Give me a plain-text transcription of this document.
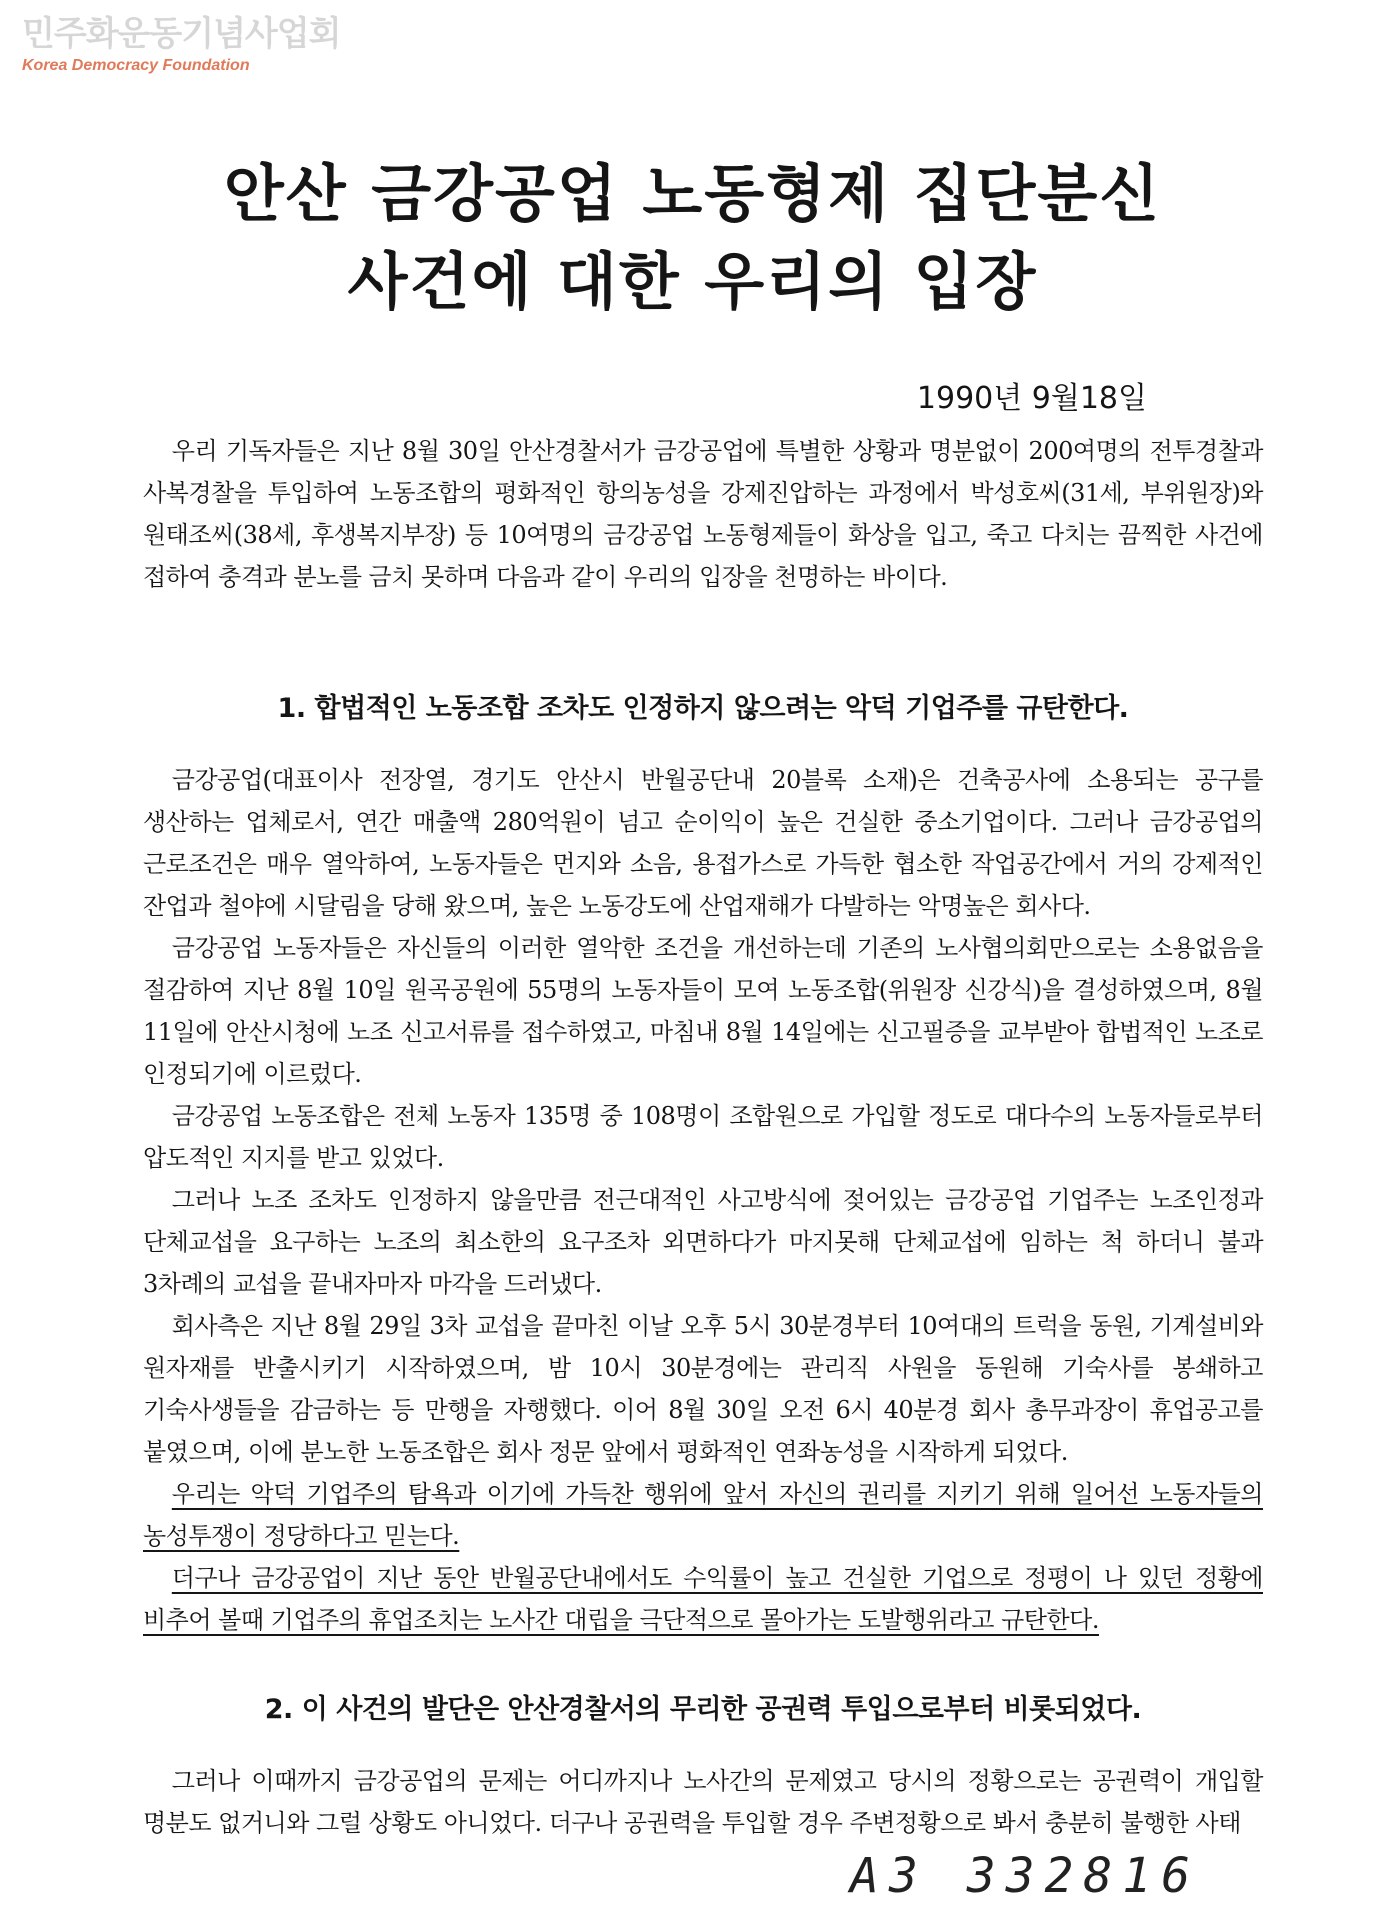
민주화운동기념사업회
Korea Democracy Foundation
안산 금강공업 노동형제 집단분신
사건에 대한 우리의 입장
1990년 9월18일
우리 기독자들은 지난 8월 30일 안산경찰서가 금강공업에 특별한 상황과 명분없이 200여명의 전투경찰과 사복경찰을 투입하여 노동조합의 평화적인 항의농성을 강제진압하는 과정에서 박성호씨(31세, 부위원장)와 원태조씨(38세, 후생복지부장) 등 10여명의 금강공업 노동형제들이 화상을 입고, 죽고 다치는 끔찍한 사건에 접하여 충격과 분노를 금치 못하며 다음과 같이 우리의 입장을 천명하는 바이다.
1. 합법적인 노동조합 조차도 인정하지 않으려는 악덕 기업주를 규탄한다.
금강공업(대표이사 전장열, 경기도 안산시 반월공단내 20블록 소재)은 건축공사에 소용되는 공구를 생산하는 업체로서, 연간 매출액 280억원이 넘고 순이익이 높은 건실한 중소기업이다. 그러나 금강공업의 근로조건은 매우 열악하여, 노동자들은 먼지와 소음, 용접가스로 가득한 협소한 작업공간에서 거의 강제적인 잔업과 철야에 시달림을 당해 왔으며, 높은 노동강도에 산업재해가 다발하는 악명높은 회사다.
금강공업 노동자들은 자신들의 이러한 열악한 조건을 개선하는데 기존의 노사협의회만으로는 소용없음을 절감하여 지난 8월 10일 원곡공원에 55명의 노동자들이 모여 노동조합(위원장 신강식)을 결성하였으며, 8월 11일에 안산시청에 노조 신고서류를 접수하였고, 마침내 8월 14일에는 신고필증을 교부받아 합법적인 노조로 인정되기에 이르렀다.
금강공업 노동조합은 전체 노동자 135명 중 108명이 조합원으로 가입할 정도로 대다수의 노동자들로부터 압도적인 지지를 받고 있었다.
그러나 노조 조차도 인정하지 않을만큼 전근대적인 사고방식에 젖어있는 금강공업 기업주는 노조인정과 단체교섭을 요구하는 노조의 최소한의 요구조차 외면하다가 마지못해 단체교섭에 임하는 척 하더니 불과 3차례의 교섭을 끝내자마자 마각을 드러냈다.
회사측은 지난 8월 29일 3차 교섭을 끝마친 이날 오후 5시 30분경부터 10여대의 트럭을 동원, 기계설비와 원자재를 반출시키기 시작하였으며, 밤 10시 30분경에는 관리직 사원을 동원해 기숙사를 봉쇄하고 기숙사생들을 감금하는 등 만행을 자행했다. 이어 8월 30일 오전 6시 40분경 회사 총무과장이 휴업공고를 붙였으며, 이에 분노한 노동조합은 회사 정문 앞에서 평화적인 연좌농성을 시작하게 되었다.
우리는 악덕 기업주의 탐욕과 이기에 가득찬 행위에 앞서 자신의 권리를 지키기 위해 일어선 노동자들의 농성투쟁이 정당하다고 믿는다.
더구나 금강공업이 지난 동안 반월공단내에서도 수익률이 높고 건실한 기업으로 정평이 나 있던 정황에 비추어 볼때 기업주의 휴업조치는 노사간 대립을 극단적으로 몰아가는 도발행위라고 규탄한다.
2. 이 사건의 발단은 안산경찰서의 무리한 공권력 투입으로부터 비롯되었다.
그러나 이때까지 금강공업의 문제는 어디까지나 노사간의 문제였고 당시의 정황으로는 공권력이 개입할 명분도 없거니와 그럴 상황도 아니었다. 더구나 공권력을 투입할 경우 주변정황으로 봐서 충분히 불행한 사태
A3 332816
